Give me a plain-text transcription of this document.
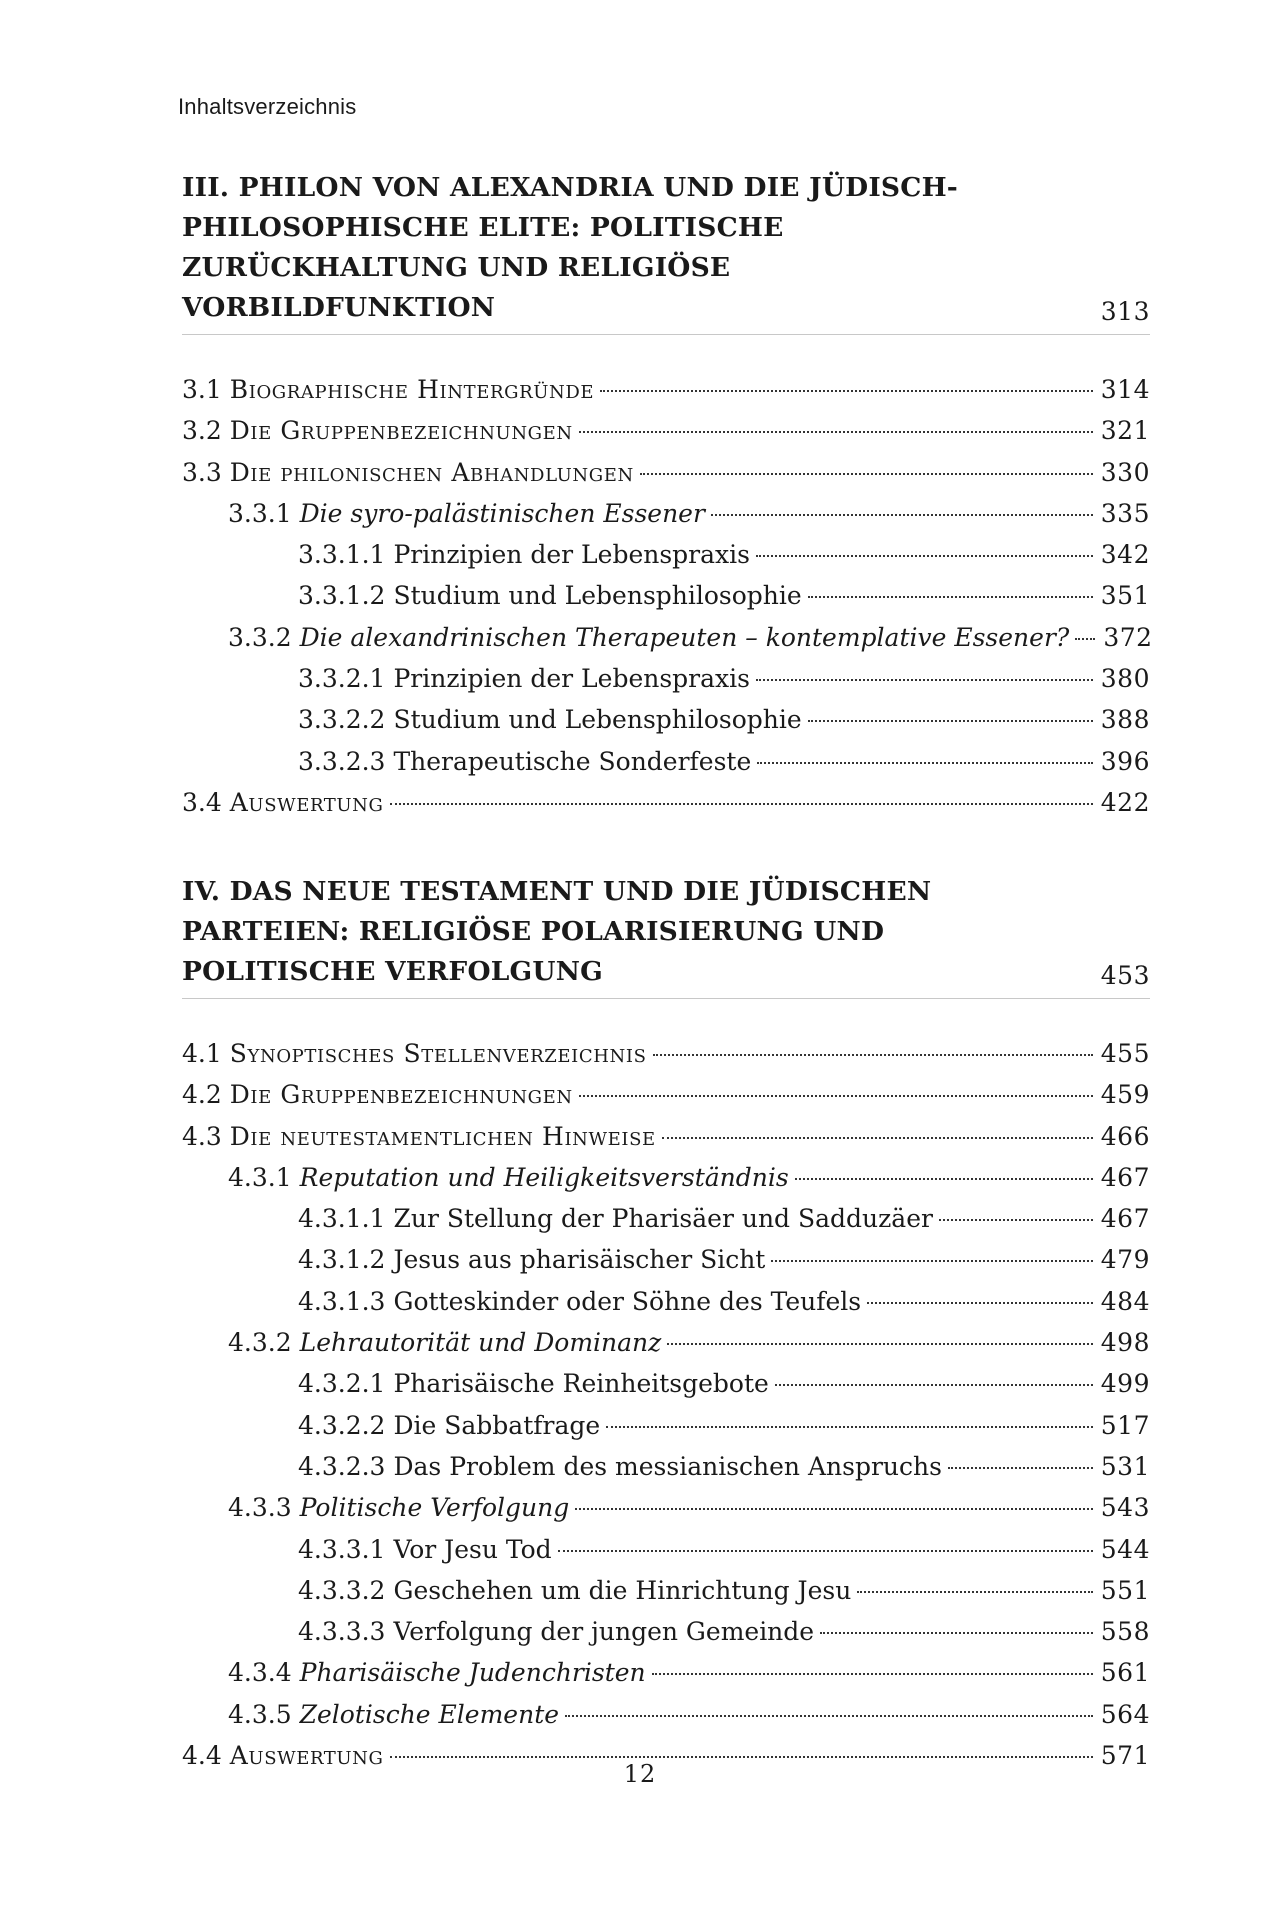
Inhaltsverzeichnis
III. PHILON VON ALEXANDRIA UND DIE JÜDISCH-PHILOSOPHISCHE ELITE: POLITISCHE ZURÜCKHALTUNG UND RELIGIÖSE VORBILDFUNKTION	313
3.1 Biographische Hintergründe	314
3.2 Die Gruppenbezeichnungen	321
3.3 Die philonischen Abhandlungen	330
3.3.1 Die syro-palästinischen Essener	335
3.3.1.1 Prinzipien der Lebenspraxis	342
3.3.1.2 Studium und Lebensphilosophie	351
3.3.2 Die alexandrinischen Therapeuten – kontemplative Essener? 372
3.3.2.1 Prinzipien der Lebenspraxis	380
3.3.2.2 Studium und Lebensphilosophie	388
3.3.2.3 Therapeutische Sonderfeste	396
3.4 Auswertung	422
IV. DAS NEUE TESTAMENT UND DIE JÜDISCHEN PARTEIEN: RELIGIÖSE POLARISIERUNG UND POLITISCHE VERFOLGUNG	453
4.1 Synoptisches Stellenverzeichnis	455
4.2 Die Gruppenbezeichnungen	459
4.3 Die neutestamentlichen Hinweise	466
4.3.1 Reputation und Heiligkeitsverständnis	467
4.3.1.1 Zur Stellung der Pharisäer und Sadduzäer	467
4.3.1.2 Jesus aus pharisäischer Sicht	479
4.3.1.3 Gotteskinder oder Söhne des Teufels	484
4.3.2 Lehrautorität und Dominanz	498
4.3.2.1 Pharisäische Reinheitsgebote	499
4.3.2.2 Die Sabbatfrage	517
4.3.2.3 Das Problem des messianischen Anspruchs	531
4.3.3 Politische Verfolgung	543
4.3.3.1 Vor Jesu Tod	544
4.3.3.2 Geschehen um die Hinrichtung Jesu	551
4.3.3.3 Verfolgung der jungen Gemeinde	558
4.3.4 Pharisäische Judenchristen	561
4.3.5 Zelotische Elemente	564
4.4 Auswertung	571
12
